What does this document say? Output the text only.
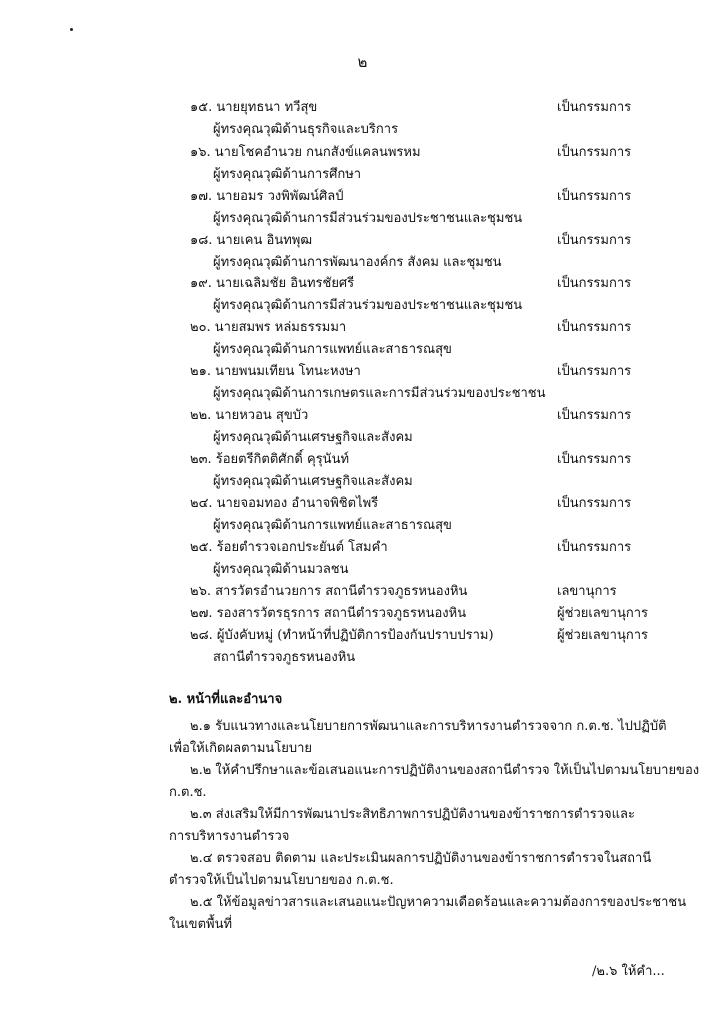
๒
๑๕. นายยุทธนา ทวีสุข	เป็นกรรมการ
ผู้ทรงคุณวุฒิด้านธุรกิจและบริการ
๑๖. นายโชคอำนวย กนกสังข์แคลนพรหม	เป็นกรรมการ
ผู้ทรงคุณวุฒิด้านการศึกษา
๑๗. นายอมร วงพิพัฒน์ศิลป์	เป็นกรรมการ
ผู้ทรงคุณวุฒิด้านการมีส่วนร่วมของประชาชนและชุมชน
๑๘. นายเคน อินทพุฒ	เป็นกรรมการ
ผู้ทรงคุณวุฒิด้านการพัฒนาองค์กร สังคม และชุมชน
๑๙. นายเฉลิมชัย อินทรชัยศรี	เป็นกรรมการ
ผู้ทรงคุณวุฒิด้านการมีส่วนร่วมของประชาชนและชุมชน
๒๐. นายสมพร หล่มธรรมมา	เป็นกรรมการ
ผู้ทรงคุณวุฒิด้านการแพทย์และสาธารณสุข
๒๑. นายพนมเทียน โทนะหงษา	เป็นกรรมการ
ผู้ทรงคุณวุฒิด้านการเกษตรและการมีส่วนร่วมของประชาชน
๒๒. นายหวอน สุขบัว	เป็นกรรมการ
ผู้ทรงคุณวุฒิด้านเศรษฐกิจและสังคม
๒๓. ร้อยตรีกิตติศักดิ์ คุรุนันท์	เป็นกรรมการ
ผู้ทรงคุณวุฒิด้านเศรษฐกิจและสังคม
๒๔. นายจอมทอง อำนาจพิชิตไพรี	เป็นกรรมการ
ผู้ทรงคุณวุฒิด้านการแพทย์และสาธารณสุข
๒๕. ร้อยตำรวจเอกประยันต์ โสมคำ	เป็นกรรมการ
ผู้ทรงคุณวุฒิด้านมวลชน
๒๖. สารวัตรอำนวยการ สถานีตำรวจภูธรหนองหิน	เลขานุการ
๒๗. รองสารวัตรธุรการ สถานีตำรวจภูธรหนองหิน	ผู้ช่วยเลขานุการ
๒๘. ผู้บังคับหมู่ (ทำหน้าที่ปฏิบัติการป้องกันปราบปราม)	ผู้ช่วยเลขานุการ
สถานีตำรวจภูธรหนองหิน
๒. หน้าที่และอำนาจ
๒.๑ รับแนวทางและนโยบายการพัฒนาและการบริหารงานตำรวจจาก ก.ต.ช. ไปปฏิบัติ
เพื่อให้เกิดผลตามนโยบาย
๒.๒ ให้คำปรึกษาและข้อเสนอแนะการปฏิบัติงานของสถานีตำรวจ ให้เป็นไปตามนโยบายของ
ก.ต.ช.
๒.๓ ส่งเสริมให้มีการพัฒนาประสิทธิภาพการปฏิบัติงานของข้าราชการตำรวจและ
การบริหารงานตำรวจ
๒.๔ ตรวจสอบ ติดตาม และประเมินผลการปฏิบัติงานของข้าราชการตำรวจในสถานี
ตำรวจให้เป็นไปตามนโยบายของ ก.ต.ช.
๒.๕ ให้ข้อมูลข่าวสารและเสนอแนะปัญหาความเดือดร้อนและความต้องการของประชาชน
ในเขตพื้นที่
/๒.๖ ให้คำ...
